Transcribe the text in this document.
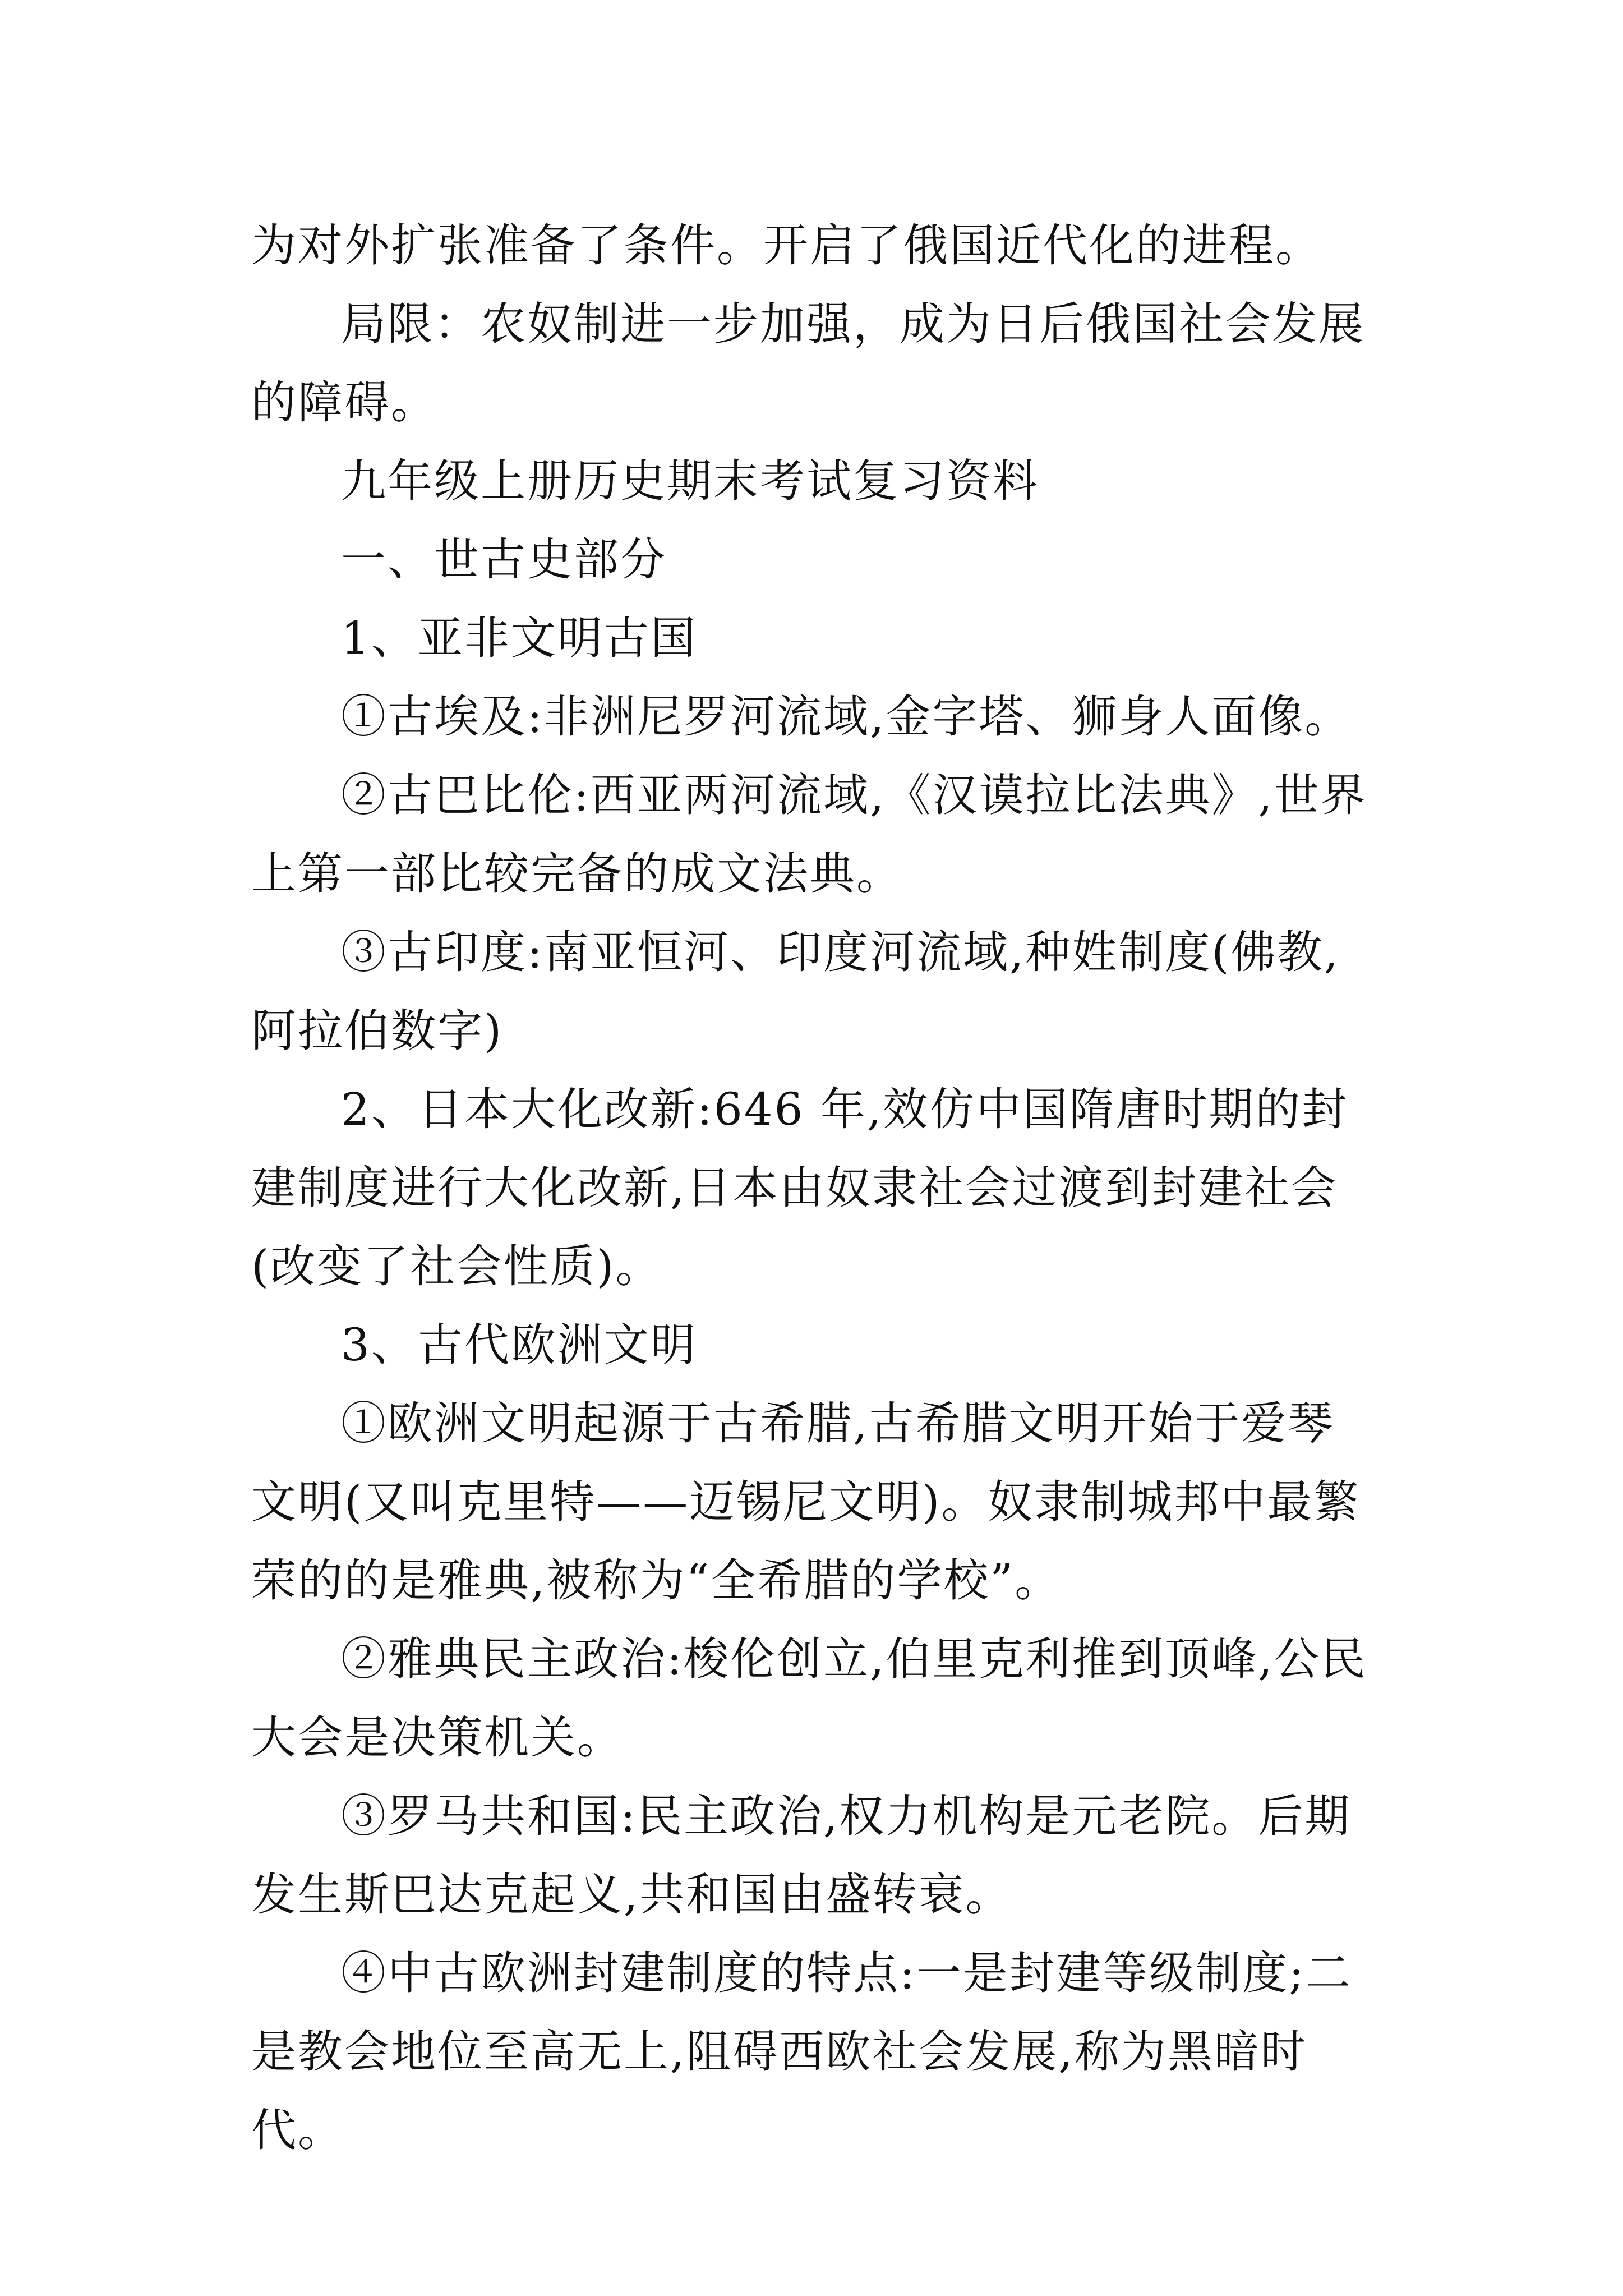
为对外扩张准备了条件。开启了俄国近代化的进程。

局限：农奴制进一步加强，成为日后俄国社会发展的障碍。

九年级上册历史期末考试复习资料

一、世古史部分

1、亚非文明古国

①古埃及:非洲尼罗河流域,金字塔、狮身人面像。

②古巴比伦:西亚两河流域,《汉谟拉比法典》,世界上第一部比较完备的成文法典。

③古印度:南亚恒河、印度河流域,种姓制度(佛教,阿拉伯数字)

2、日本大化改新:646 年,效仿中国隋唐时期的封建制度进行大化改新,日本由奴隶社会过渡到封建社会(改变了社会性质)。

3、古代欧洲文明

①欧洲文明起源于古希腊,古希腊文明开始于爱琴文明(又叫克里特——迈锡尼文明)。奴隶制城邦中最繁荣的的是雅典,被称为“全希腊的学校”。

②雅典民主政治:梭伦创立,伯里克利推到顶峰,公民大会是决策机关。

③罗马共和国:民主政治,权力机构是元老院。后期发生斯巴达克起义,共和国由盛转衰。

④中古欧洲封建制度的特点:一是封建等级制度;二是教会地位至高无上,阻碍西欧社会发展,称为黑暗时代。
